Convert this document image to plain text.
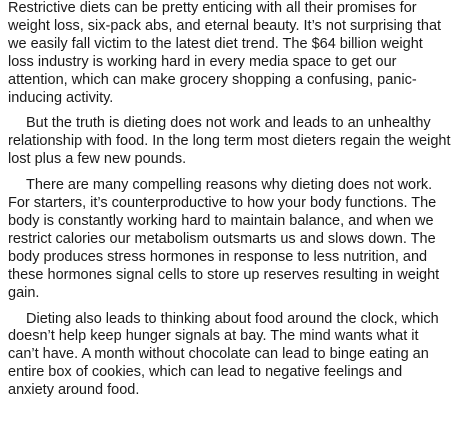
Restrictive diets can be pretty enticing with all their promises for weight loss, six-pack abs, and eternal beauty. It’s not surprising that we easily fall victim to the latest diet trend. The $64 billion weight loss industry is working hard in every media space to get our attention, which can make grocery shopping a confusing, panic-inducing activity.

But the truth is dieting does not work and leads to an unhealthy relationship with food. In the long term most dieters regain the weight lost plus a few new pounds.

There are many compelling reasons why dieting does not work. For starters, it’s counterproductive to how your body functions. The body is constantly working hard to maintain balance, and when we restrict calories our metabolism outsmarts us and slows down. The body produces stress hormones in response to less nutrition, and these hormones signal cells to store up reserves resulting in weight gain.

Dieting also leads to thinking about food around the clock, which doesn’t help keep hunger signals at bay. The mind wants what it can’t have. A month without chocolate can lead to binge eating an entire box of cookies, which can lead to negative feelings and anxiety around food.
